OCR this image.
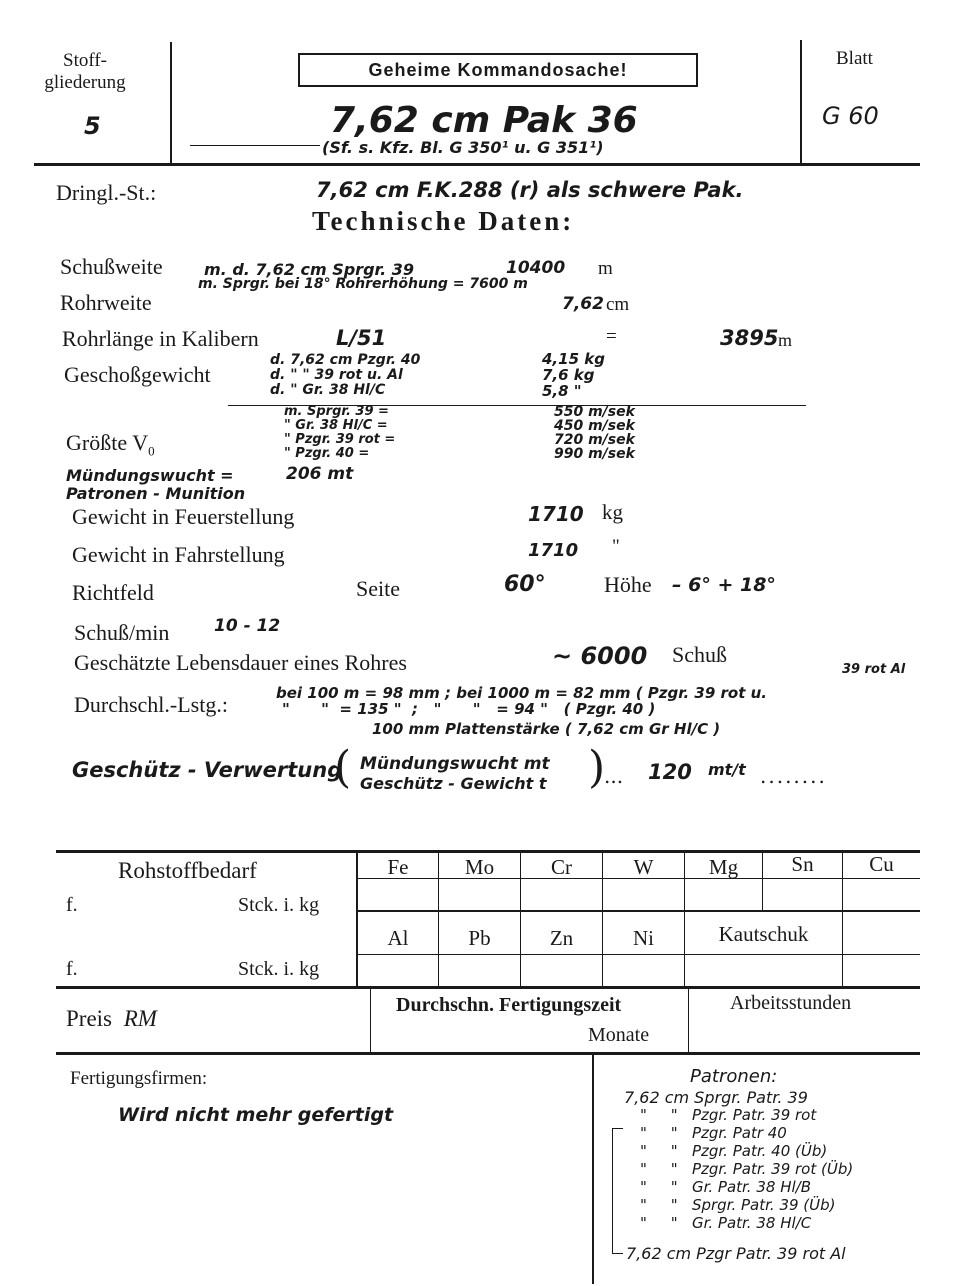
Stoff-
gliederung
5
Geheime Kommandosache!
7,62 cm Pak 36
(Sf. s. Kfz. Bl. G 350¹ u. G 351¹)
Blatt
G 60
Dringl.-St.:	7,62 cm F.K.288 (r) als schwere Pak.
Technische Daten:
Schußweite	m. d. 7,62 cm Sprgr. 39	10400 m
m. Sprgr. bei 18° Rohrerhöhung = 7600 m
Rohrweite	7,62 cm
Rohrlänge in Kalibern	L/51	=	3895 m
Geschoßgewicht
d. 7,62 cm Pzgr. 40	4,15 kg
d. " " 39 rot u. Al	7,6 kg
d. " Gr. 38 Hl/C	5,8 "
m. Sprgr. 39 =	550 m/sek
" Gr. 38 Hl/C =	450 m/sek
" Pzgr. 39 rot =	720 m/sek
" Pzgr. 40 =	990 m/sek
Größte $V_0$
Mündungswucht =	206 mt
Patronen - Munition
Gewicht in Feuerstellung	1710 kg
Gewicht in Fahrstellung	1710 "
Richtfeld	Seite	60°	Höhe – 6° + 18°
Schuß/min	10 - 12
Geschätzte Lebensdauer eines Rohres	~ 6000 Schuß
39 rot Al
Durchschl.-Lstg.:	bei 100 m = 98 mm ; bei 1000 m = 82 mm ( Pzgr. 39 rot u.
"      "  = 135 "  ;   "      "   = 94 "   ( Pzgr. 40 )
100 mm Plattenstärke ( 7,62 cm Gr Hl/C )
Geschütz - Verwertung
( Mündungswucht mt
Geschütz - Gewicht t )
... 120 mt/t ........
Rohstoffbedarf
f.	Stck. i. kg
f.	Stck. i. kg
Fe	Mo	Cr	W	Mg	Sn	Cu
Al	Pb	Zn	Ni	Kautschuk
Preis RM
Durchschn. Fertigungszeit
Monate
Arbeitsstunden
Fertigungsfirmen:
Wird nicht mehr gefertigt
Patronen:
7,62 cm Sprgr. Patr. 39
"     "   Pzgr. Patr. 39 rot
"     "   Pzgr. Patr 40
"     "   Pzgr. Patr. 40 (Üb)
"     "   Pzgr. Patr. 39 rot (Üb)
"     "   Gr. Patr. 38 Hl/B
"     "   Sprgr. Patr. 39 (Üb)
"     "   Gr. Patr. 38 Hl/C
7,62 cm Pzgr Patr. 39 rot Al
